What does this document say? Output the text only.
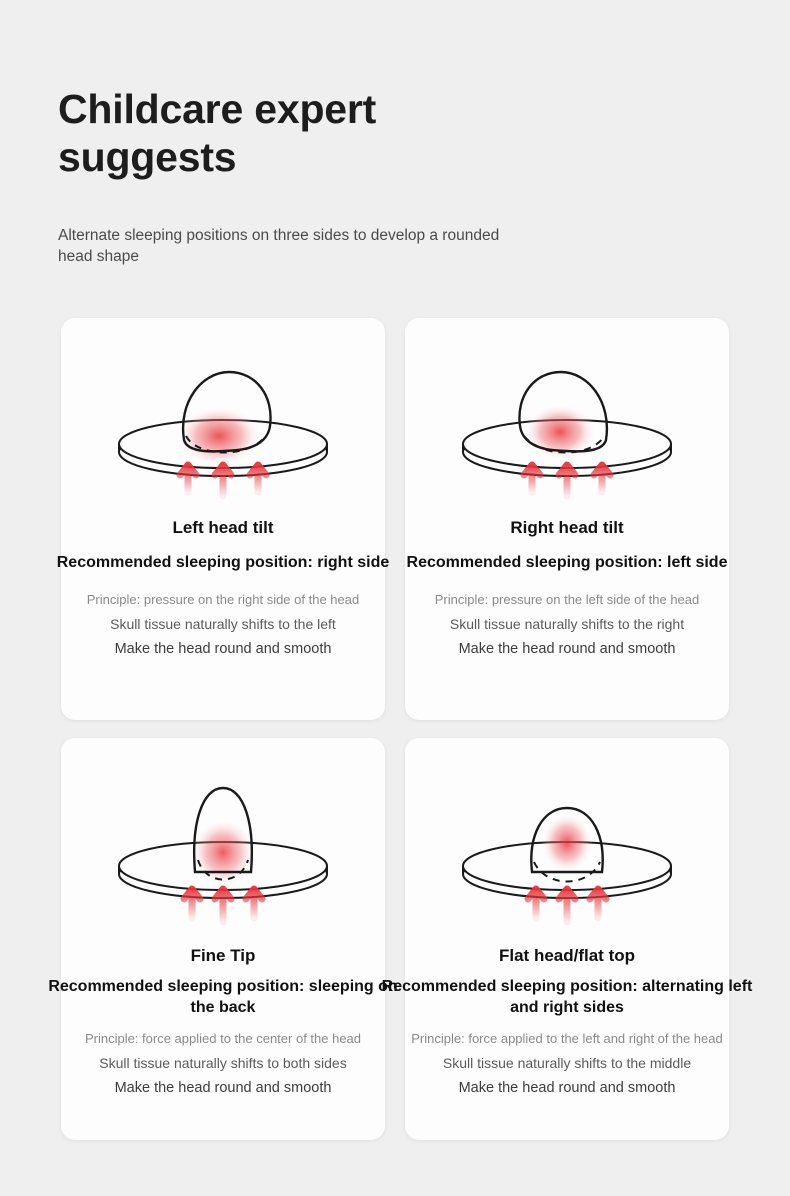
Childcare expert suggests

Alternate sleeping positions on three sides to develop a rounded head shape

Left head tilt
Recommended sleeping position: right side
Principle: pressure on the right side of the head
Skull tissue naturally shifts to the left
Make the head round and smooth
Right head tilt
Recommended sleeping position: left side
Principle: pressure on the left side of the head
Skull tissue naturally shifts to the right
Make the head round and smooth
Fine Tip
Recommended sleeping position: sleeping on the back
Principle: force applied to the center of the head
Skull tissue naturally shifts to both sides
Make the head round and smooth
Flat head/flat top
Recommended sleeping position: alternating left and right sides
Principle: force applied to the left and right of the head
Skull tissue naturally shifts to the middle
Make the head round and smooth
